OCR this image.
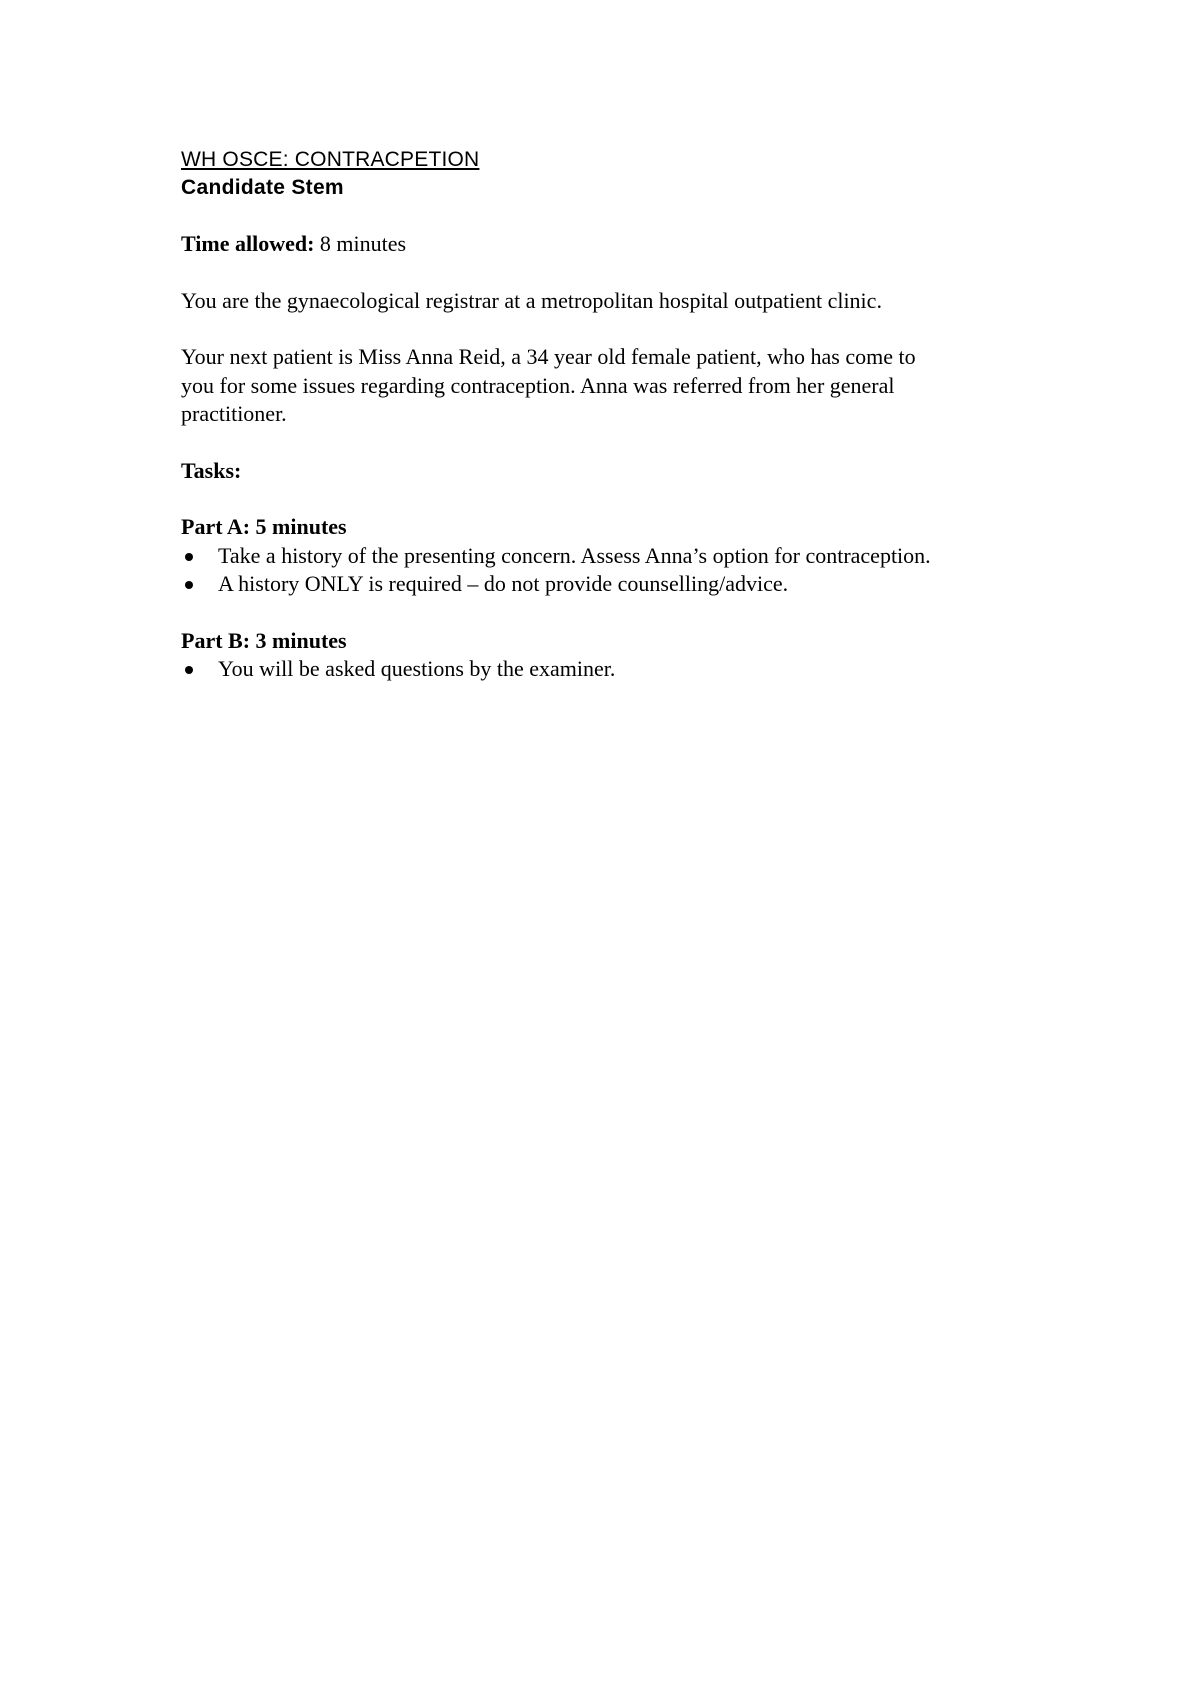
WH OSCE: CONTRACPETION

Candidate Stem

Time allowed: 8 minutes

You are the gynaecological registrar at a metropolitan hospital outpatient clinic.

Your next patient is Miss Anna Reid, a 34 year old female patient, who has come to

you for some issues regarding contraception. Anna was referred from her general

practitioner.

Tasks:

Part A: 5 minutes

Take a history of the presenting concern. Assess Anna’s option for contraception.
A history ONLY is required – do not provide counselling/advice.

Part B: 3 minutes

You will be asked questions by the examiner.
